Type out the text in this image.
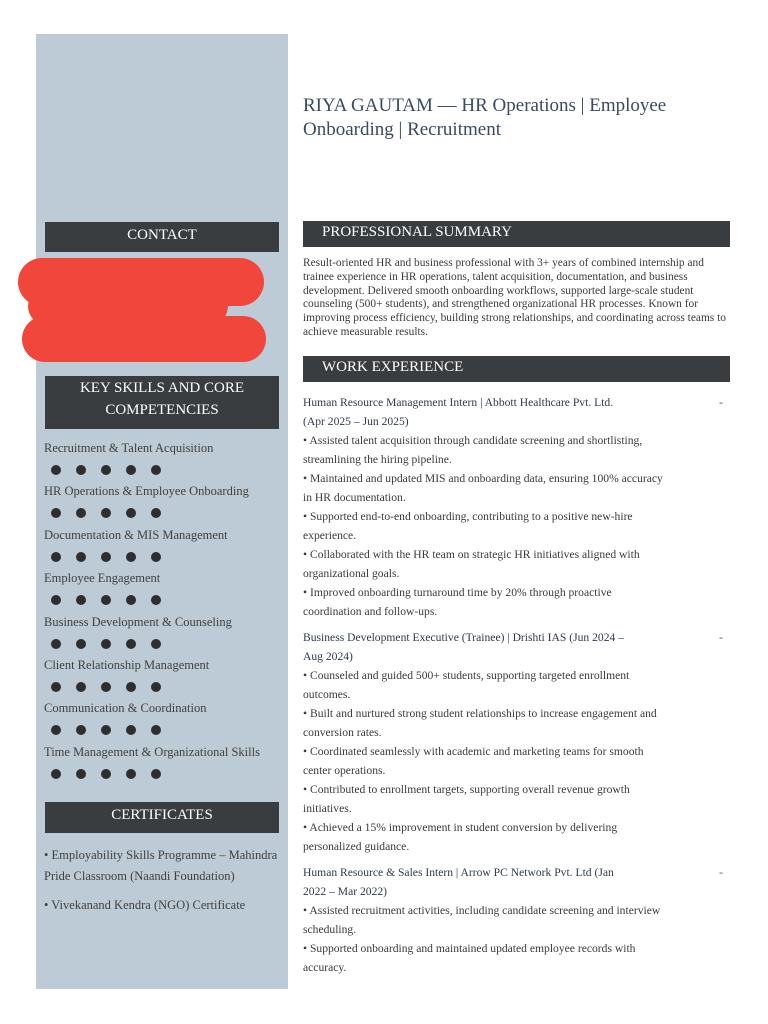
RIYA GAUTAM — HR Operations | Employee Onboarding | Recruitment
CONTACT
KEY SKILLS AND CORE COMPETENCIES
Recruitment & Talent Acquisition
HR Operations & Employee Onboarding
Documentation & MIS Management
Employee Engagement
Business Development & Counseling
Client Relationship Management
Communication & Coordination
Time Management & Organizational Skills
CERTIFICATES
• Employability Skills Programme – Mahindra Pride Classroom (Naandi Foundation)
• Vivekanand Kendra (NGO) Certificate
PROFESSIONAL SUMMARY
Result-oriented HR and business professional with 3+ years of combined internship and trainee experience in HR operations, talent acquisition, documentation, and business development. Delivered smooth onboarding workflows, supported large-scale student counseling (500+ students), and strengthened organizational HR processes. Known for improving process efficiency, building strong relationships, and coordinating across teams to achieve measurable results.
WORK EXPERIENCE
Human Resource Management Intern | Abbott Healthcare Pvt. Ltd. (Apr 2025 – Jun 2025)
-
• Assisted talent acquisition through candidate screening and shortlisting, streamlining the hiring pipeline.
• Maintained and updated MIS and onboarding data, ensuring 100% accuracy in HR documentation.
• Supported end-to-end onboarding, contributing to a positive new-hire experience.
• Collaborated with the HR team on strategic HR initiatives aligned with organizational goals.
• Improved onboarding turnaround time by 20% through proactive coordination and follow-ups.
Business Development Executive (Trainee) | Drishti IAS (Jun 2024 – Aug 2024)
-
• Counseled and guided 500+ students, supporting targeted enrollment outcomes.
• Built and nurtured strong student relationships to increase engagement and conversion rates.
• Coordinated seamlessly with academic and marketing teams for smooth center operations.
• Contributed to enrollment targets, supporting overall revenue growth initiatives.
• Achieved a 15% improvement in student conversion by delivering personalized guidance.
Human Resource & Sales Intern | Arrow PC Network Pvt. Ltd (Jan 2022 – Mar 2022)
-
• Assisted recruitment activities, including candidate screening and interview scheduling.
• Supported onboarding and maintained updated employee records with accuracy.
